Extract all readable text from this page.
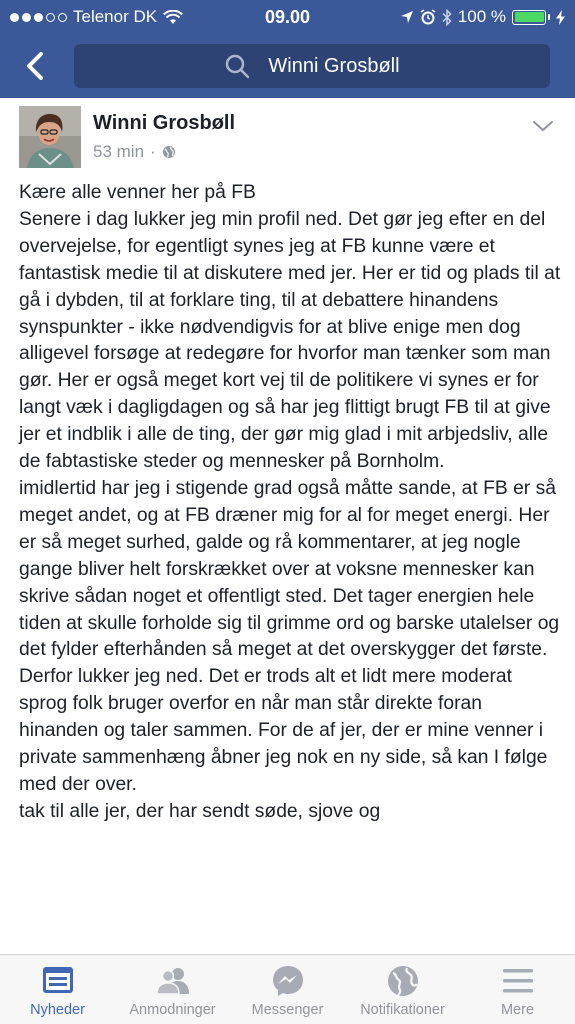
Telenor DK	09.00	100 %
Winni Grosbøll
Winni Grosbøll
53 min ·

Kære alle venner her på FB

Senere i dag lukker jeg min profil ned. Det gør jeg efter en del overvejelse, for egentligt synes jeg at FB kunne være et fantastisk medie til at diskutere med jer. Her er tid og plads til at gå i dybden, til at forklare ting, til at debattere hinandens synspunkter - ikke nødvendigvis for at blive enige men dog alligevel forsøge at redegøre for hvorfor man tænker som man gør. Her er også meget kort vej til de politikere vi synes er for langt væk i dagligdagen og så har jeg flittigt brugt FB til at give jer et indblik i alle de ting, der gør mig glad i mit arbjedsliv, alle de fabtastiske steder og mennesker på Bornholm.

imidlertid har jeg i stigende grad også måtte sande, at FB er så meget andet, og at FB dræner mig for al for meget energi. Her er så meget surhed, galde og rå kommentarer, at jeg nogle gange bliver helt forskrækket over at voksne mennesker kan skrive sådan noget et offentligt sted. Det tager energien hele tiden at skulle forholde sig til grimme ord og barske utalelser og det fylder efterhånden så meget at det overskygger det første. Derfor lukker jeg ned. Det er trods alt et lidt mere moderat sprog folk bruger overfor en når man står direkte foran hinanden og taler sammen. For de af jer, der er mine venner i private sammenhæng åbner jeg nok en ny side, så kan I følge med der over.

tak til alle jer, der har sendt søde, sjove og

Nyheder	Anmodninger Messenger	Notifikationer	Mere
